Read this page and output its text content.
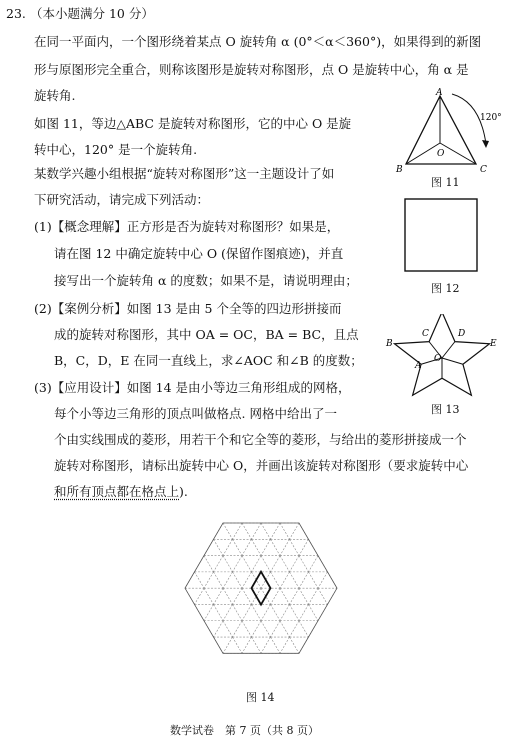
23. （本小题满分 10 分）
在同一平面内，一个图形绕着某点 O 旋转角 α (0°＜α＜360°)，如果得到的新图
形与原图形完全重合，则称该图形是旋转对称图形，点 O 是旋转中心，角 α 是
旋转角.
如图 11，等边△ABC 是旋转对称图形，它的中心 O 是旋
转中心，120° 是一个旋转角.
某数学兴趣小组根据“旋转对称图形”这一主题设计了如
下研究活动，请完成下列活动：
(1)【概念理解】正方形是否为旋转对称图形？如果是，
请在图 12 中确定旋转中心 O (保留作图痕迹)，并直
接写出一个旋转角 α 的度数；如果不是，请说明理由；
(2)【案例分析】如图 13 是由 5 个全等的四边形拼接而
成的旋转对称图形，其中 OA = OC，BA = BC，且点
B，C，D，E 在同一直线上，求∠AOC 和∠B 的度数；
(3)【应用设计】如图 14 是由小等边三角形组成的网格，
每个小等边三角形的顶点叫做格点. 网格中给出了一
个由实线围成的菱形，用若干个和它全等的菱形，与给出的菱形拼接成一个
旋转对称图形，请标出旋转中心 O，并画出该旋转对称图形（要求旋转中心
和所有顶点都在格点上).
A
B	C
O
120°
图 11
图 12
B
C	D
E
A
O
图 13
图 14
数学试卷　第 7 页（共 8 页）
